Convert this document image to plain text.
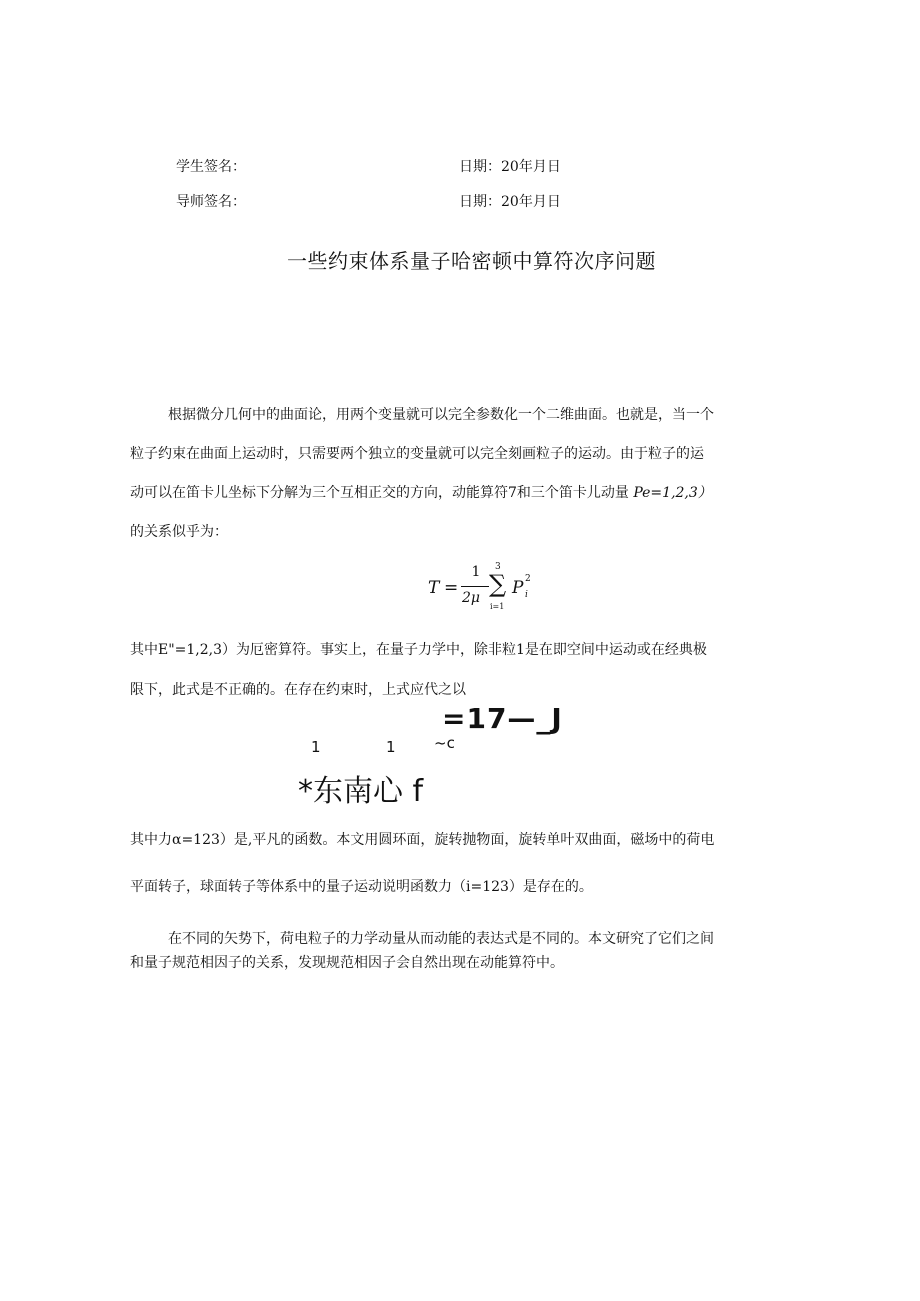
学生签名：	日期：20年月日
导师签名：	日期：20年月日
一些约束体系量子哈密顿中算符次序问题
根据微分几何中的曲面论，用两个变量就可以完全参数化一个二维曲面。也就是，当一个
粒子约束在曲面上运动时，只需要两个独立的变量就可以完全刻画粒子的运动。由于粒子的运
动可以在笛卡儿坐标下分解为三个互相正交的方向，动能算符7和三个笛卡儿动量 Pe=1,2,3）
的关系似乎为：
T =
1
2μ
3
∑
i=1
P 2
i
其中E"=1,2,3）为厄密算符。事实上，在量子力学中，除非粒1是在即空间中运动或在经典极
限下，此式是不正确的。在存在约束时，上式应代之以
=17—_J
1	1	~c
*东南心 f
其中力α=123）是,平凡的函数。本文用圆环面，旋转抛物面，旋转单叶双曲面，磁场中的荷电
平面转子，球面转子等体系中的量子运动说明函数力（i=123）是存在的。
在不同的矢势下，荷电粒子的力学动量从而动能的表达式是不同的。本文研究了它们之间
和量子规范相因子的关系，发现规范相因子会自然出现在动能算符中。
